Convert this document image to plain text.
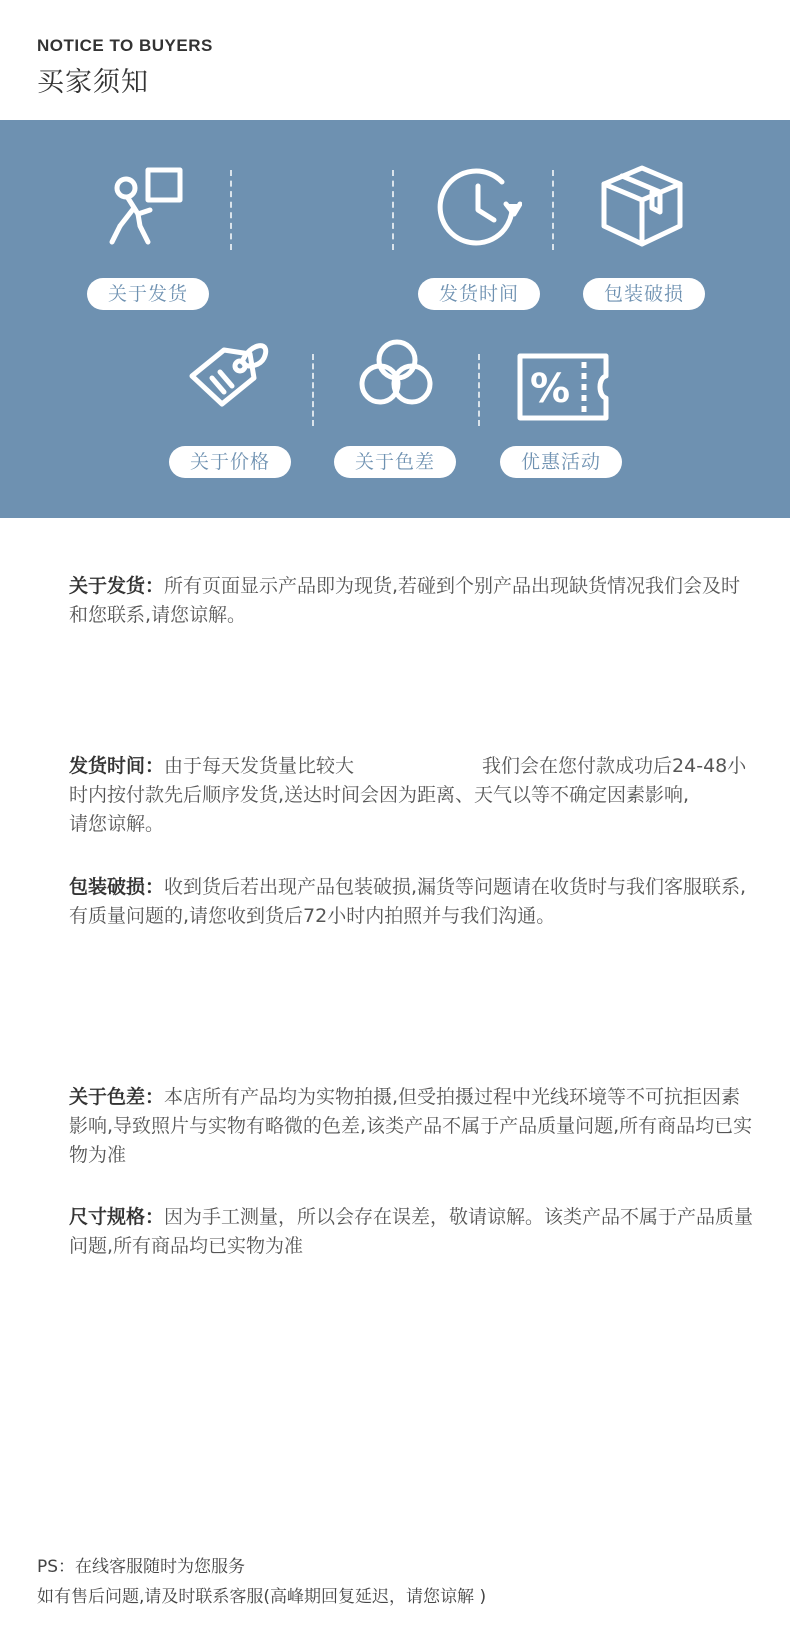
NOTICE TO BUYERS
买家须知
关于发货	发货时间	包装破损
%
关于价格	关于色差	优惠活动
关于发货：所有页面显示产品即为现货,若碰到个别产品出现缺货情况我们会及时和您联系,请您谅解。
发货时间：由于每天发货量比较大	我们会在您付款成功后24-48小
时内按付款先后顺序发货,送达时间会因为距离、天气以等不确定因素影响,
请您谅解。
包装破损：收到货后若出现产品包装破损,漏货等问题请在收货时与我们客服联系,有质量问题的,请您收到货后72小时内拍照并与我们沟通。
关于色差：本店所有产品均为实物拍摄,但受拍摄过程中光线环境等不可抗拒因素影响,导致照片与实物有略微的色差,该类产品不属于产品质量问题,所有商品均已实物为准
尺寸规格：因为手工测量，所以会存在误差，敬请谅解。该类产品不属于产品质量问题,所有商品均已实物为准
PS：在线客服随时为您服务
如有售后问题,请及时联系客服(高峰期回复延迟，请您谅解 )
